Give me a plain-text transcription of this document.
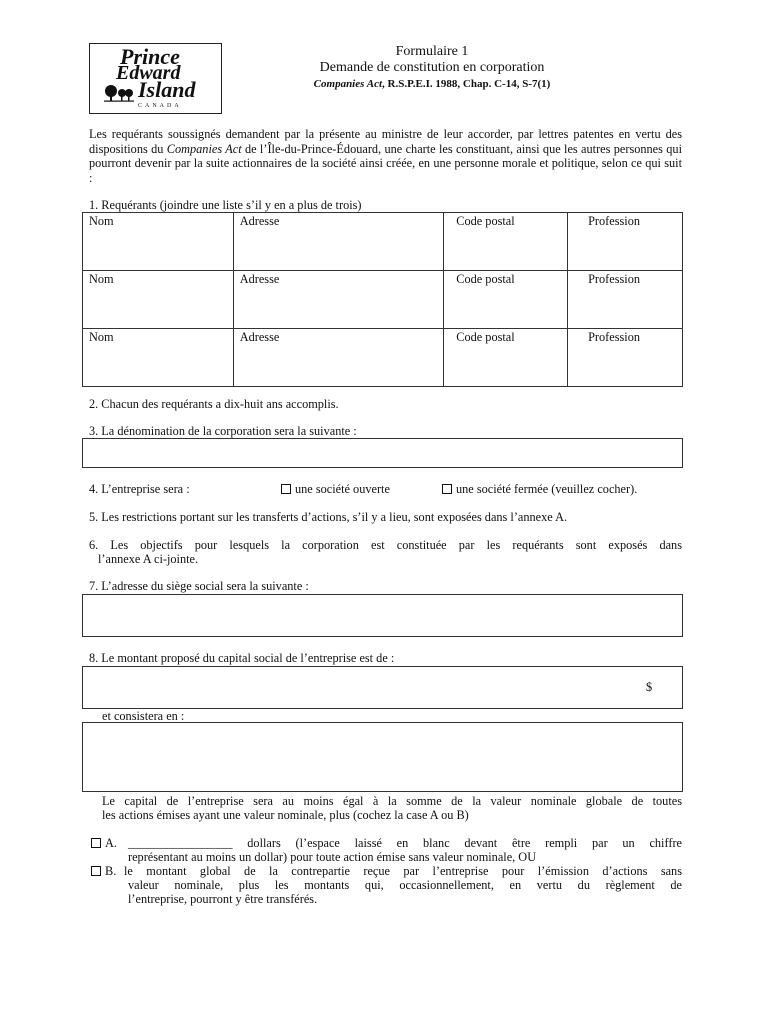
Prince
Edward
Island
CANADA
Formulaire 1
Demande de constitution en corporation
Companies Act, R.S.P.E.I. 1988, Chap. C-14, S-7(1)
Les requérants soussignés demandent par la présente au ministre de leur accorder, par lettres patentes en vertu des dispositions du Companies Act de l’Île-du-Prince-Édouard, une charte les constituant, ainsi que les autres personnes qui pourront devenir par la suite actionnaires de la société ainsi créée, en une personne morale et politique, selon ce qui suit :
1. Requérants (joindre une liste s’il y en a plus de trois)
Nom	Adresse	Code postal	Profession
Nom	Adresse	Code postal	Profession
Nom	Adresse	Code postal	Profession
2. Chacun des requérants a dix-huit ans accomplis.
3. La dénomination de la corporation sera la suivante :
4. L’entreprise sera :	une société ouverte	une société fermée (veuillez cocher).
5. Les restrictions portant sur les transferts d’actions, s’il y a lieu, sont exposées dans l’annexe A.
6. Les objectifs pour lesquels la corporation est constituée par les requérants sont exposés dans
l’annexe A ci-jointe.
7. L’adresse du siège social sera la suivante :
8. Le montant proposé du capital social de l’entreprise est de :
$
et consistera en :
Le capital de l’entreprise sera au moins égal à la somme de la valeur nominale globale de toutes
les actions émises ayant une valeur nominale, plus (cochez la case A ou B)
A. _________________ dollars (l’espace laissé en blanc devant être rempli par un chiffre
représentant au moins un dollar) pour toute action émise sans valeur nominale, OU
B. le montant global de la contrepartie reçue par l’entreprise pour l’émission d’actions sans
valeur nominale, plus les montants qui, occasionnellement, en vertu du règlement de
l’entreprise, pourront y être transférés.
